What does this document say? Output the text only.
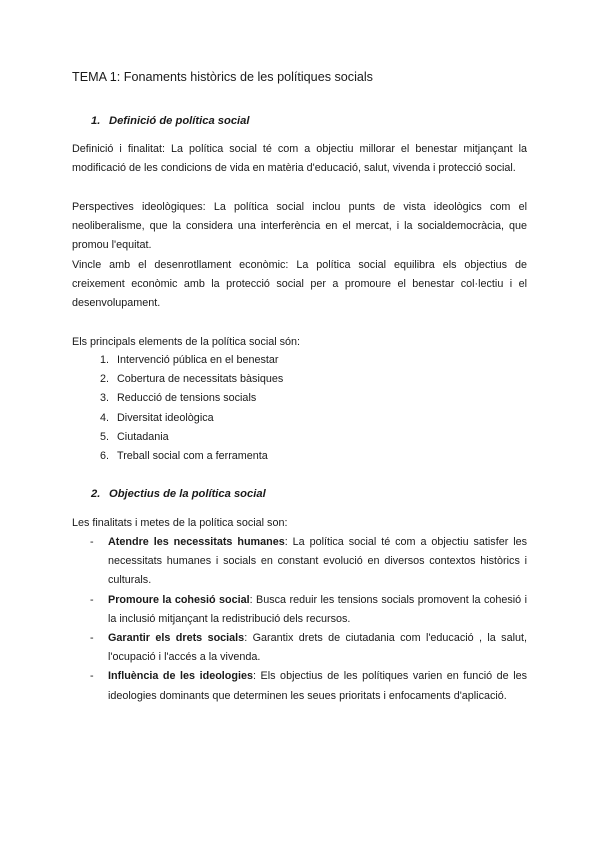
TEMA 1: Fonaments històrics de les polítiques socials
1. Definició de política social

Definició i finalitat: La política social té com a objectiu millorar el benestar mitjançant la modificació de les condicions de vida en matèria d'educació, salut, vivenda i protecció social.

Perspectives ideològiques: La política social inclou punts de vista ideològics com el neoliberalisme, que la considera una interferència en el mercat, i la socialdemocràcia, que promou l'equitat.

Vincle amb el desenrotllament econòmic: La política social equilibra els objectius de creixement econòmic amb la protecció social per a promoure el benestar col·lectiu i el desenvolupament.

Els principals elements de la política social són:

1. Intervenció pública en el benestar
2. Cobertura de necessitats bàsiques
3. Reducció de tensions socials
4. Diversitat ideològica
5. Ciutadania
6. Treball social com a ferramenta
2. Objectius de la política social

Les finalitats i metes de la política social son:

- Atendre les necessitats humanes: La política social té com a objectiu satisfer les necessitats humanes i socials en constant evolució en diversos contextos històrics i culturals.
- Promoure la cohesió social: Busca reduir les tensions socials promovent la cohesió i la inclusió mitjançant la redistribució dels recursos.
- Garantir els drets socials: Garantix drets de ciutadania com l'educació , la salut, l'ocupació i l'accés a la vivenda.
- Influència de les ideologies: Els objectius de les polítiques varien en funció de les ideologies dominants que determinen les seues prioritats i enfocaments d'aplicació.
